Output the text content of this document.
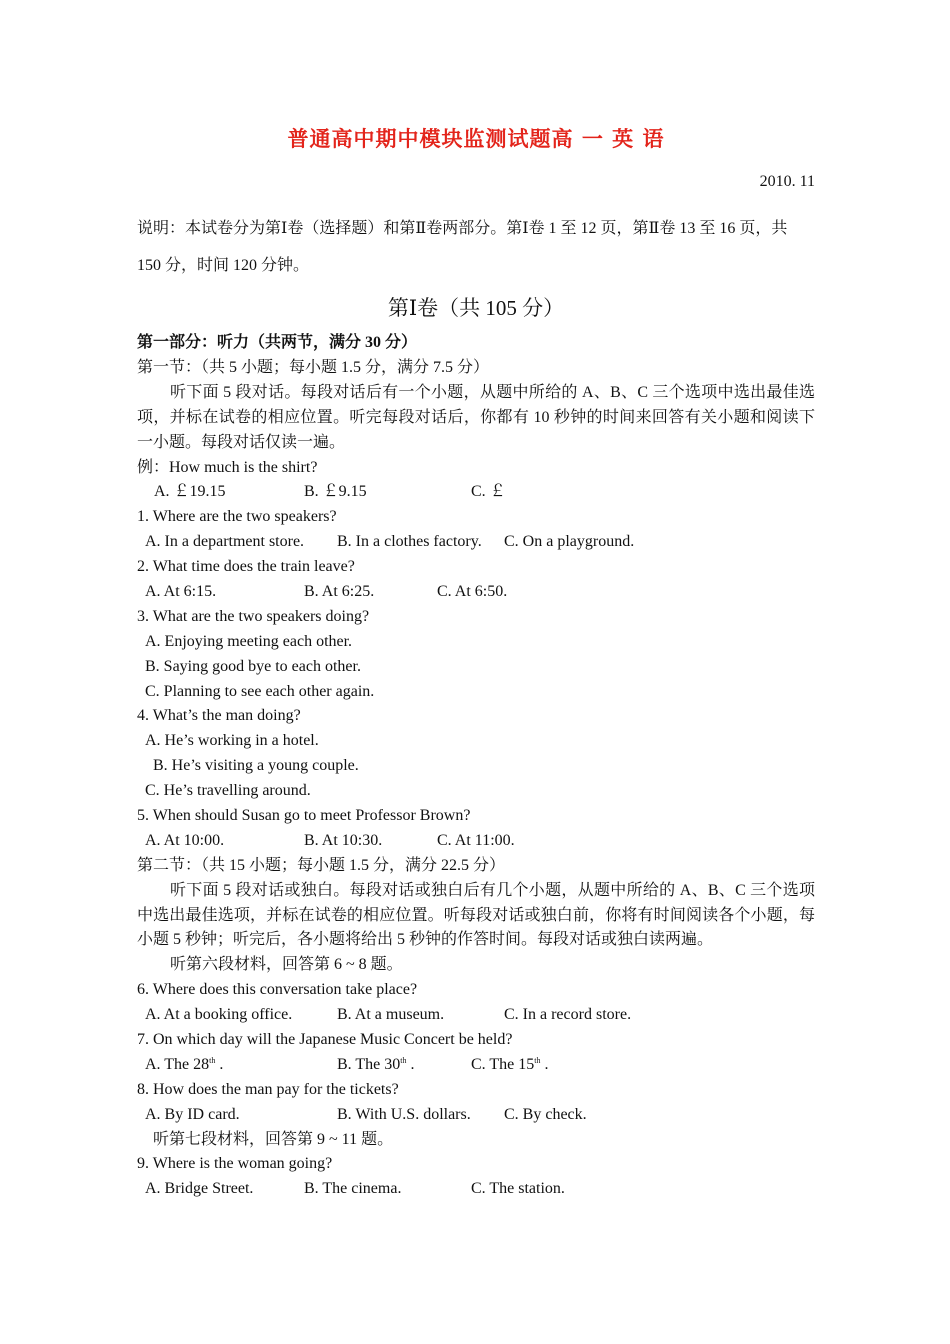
普通高中期中模块监测试题高 一 英 语
2010. 11
说明：本试卷分为第Ⅰ卷（选择题）和第Ⅱ卷两部分。第Ⅰ卷 1 至 12 页，第Ⅱ卷 13 至 16 页，共 150 分，时间 120 分钟。
第Ⅰ卷（共 105 分）
第一部分：听力（共两节，满分 30 分）
第一节：（共 5 小题；每小题 1.5 分，满分 7.5 分）
听下面 5 段对话。每段对话后有一个小题，从题中所给的 A、B、C 三个选项中选出最佳选项，并标在试卷的相应位置。听完每段对话后，你都有 10 秒钟的时间来回答有关小题和阅读下一小题。每段对话仅读一遍。
例：How much is the shirt?
A. ￡19.15	B. ￡9.15	C. ￡
1. Where are the two speakers?
A. In a department store. B. In a clothes factory. C. On a playground.
2. What time does the train leave?
A. At 6:15.	B. At 6:25.	C. At 6:50.
3. What are the two speakers doing?
A. Enjoying meeting each other.
B. Saying good bye to each other.
C. Planning to see each other again.
4. What’s the man doing?
A. He’s working in a hotel.
B. He’s visiting a young couple.
C. He’s travelling around.
5. When should Susan go to meet Professor Brown?
A. At 10:00.	B. At 10:30.	C. At 11:00.
第二节：（共 15 小题；每小题 1.5 分，满分 22.5 分）
听下面 5 段对话或独白。每段对话或独白后有几个小题，从题中所给的 A、B、C 三个选项中选出最佳选项，并标在试卷的相应位置。听每段对话或独白前，你将有时间阅读各个小题，每小题 5 秒钟；听完后，各小题将给出 5 秒钟的作答时间。每段对话或独白读两遍。
听第六段材料，回答第 6 ~ 8 题。
6. Where does this conversation take place?
A. At a booking office.	B. At a museum.	C. In a record store.
7. On which day will the Japanese Music Concert be held?
A. The 28th .	B. The 30th .	C. The 15th .
8. How does the man pay for the tickets?
A. By ID card.	B. With U.S. dollars. C. By check.
听第七段材料，回答第 9 ~ 11 题。
9. Where is the woman going?
A. Bridge Street.	B. The cinema.	C. The station.
